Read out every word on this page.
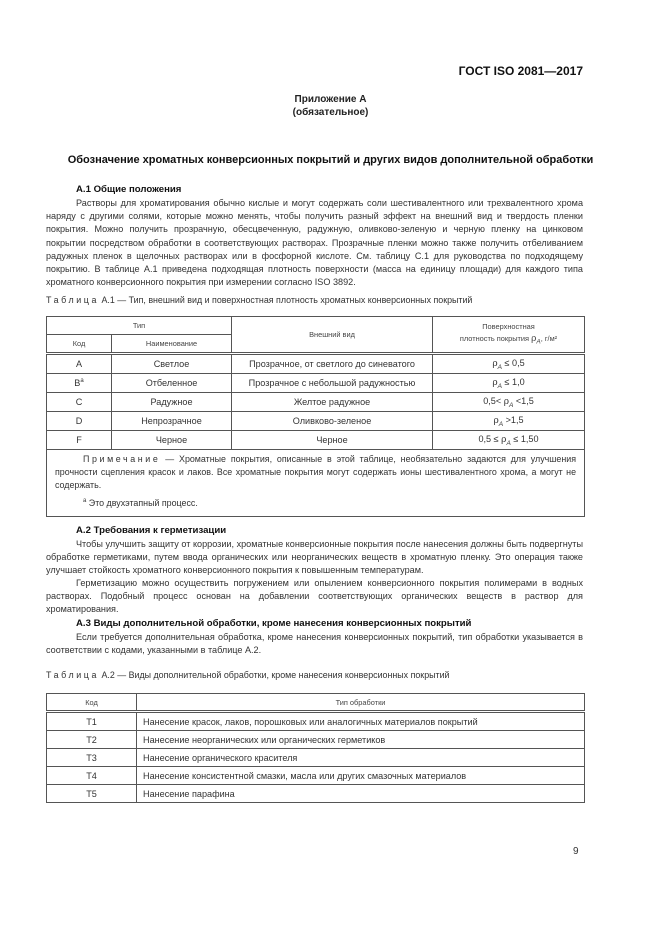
ГОСТ ISO 2081—2017
Приложение А
(обязательное)
Обозначение хроматных конверсионных покрытий и других видов дополнительной обработки
А.1 Общие положения

Растворы для хроматирования обычно кислые и могут содержать соли шестивалентного или трехвалентного хрома наряду с другими солями, которые можно менять, чтобы получить разный эффект на внешний вид и твердость пленки покрытия. Можно получить прозрачную, обесцвеченную, радужную, оливково-зеленую и черную пленку на цинковом покрытии посредством обработки в соответствующих растворах. Прозрачные пленки можно также получить отбеливанием радужных пленок в щелочных растворах или в фосфорной кислоте. См. таблицу С.1 для руководства по подходящему покрытию. В таблице А.1 приведена подходящая плотность поверхности (масса на единицу площади) для каждого типа хроматного конверсионного покрытия при измерении согласно ISO 3892.

Таблица А.1 — Тип, внешний вид и поверхностная плотность хроматных конверсионных покрытий
Тип		Внешний вид	Поверхностная
плотность покрытия ρA, г/м²
Код	Наименование		
A	Светлое	Прозрачное, от светлого до синеватого	$\rho_A \le 0,5$
$B^a$	Отбеленное	Прозрачное с небольшой радужностью	$\rho_A \le 1,0$
C	Радужное	Желтое радужное	$0,5< \rho_A <1,5$
D	Непрозрачное	Оливково-зеленое	$\rho_A >1,5$
F	Черное	Черное	$0,5 \le \rho_A \le 1,50$

Примечание — Хроматные покрытия, описанные в этой таблице, необязательно задаются для улучшения прочности сцепления красок и лаков. Все хроматные покрытия могут содержать ионы шестивалентного хрома, а могут не содержать.

$^a$ Это двухэтапный процесс.			
А.2 Требования к герметизации

Чтобы улучшить защиту от коррозии, хроматные конверсионные покрытия после нанесения должны быть подвергнуты обработке герметиками, путем ввода органических или неорганических веществ в хроматную пленку. Это операция также улучшает стойкость хроматного конверсионного покрытия к повышенным температурам.

Герметизацию можно осуществить погружением или опылением конверсионного покрытия полимерами в водных растворах. Подобный процесс основан на добавлении соответствующих органических веществ в раствор для хроматирования.

А.3 Виды дополнительной обработки, кроме нанесения конверсионных покрытий

Если требуется дополнительная обработка, кроме нанесения конверсионных покрытий, тип обработки указывается в соответствии с кодами, указанными в таблице А.2.

Таблица А.2 — Виды дополнительной обработки, кроме нанесения конверсионных покрытий
Код	Тип обработки
T1	Нанесение красок, лаков, порошковых или аналогичных материалов покрытий
T2	Нанесение неорганических или органических герметиков
T3	Нанесение органического красителя
T4	Нанесение консистентной смазки, масла или других смазочных материалов
T5	Нанесение парафина
9
